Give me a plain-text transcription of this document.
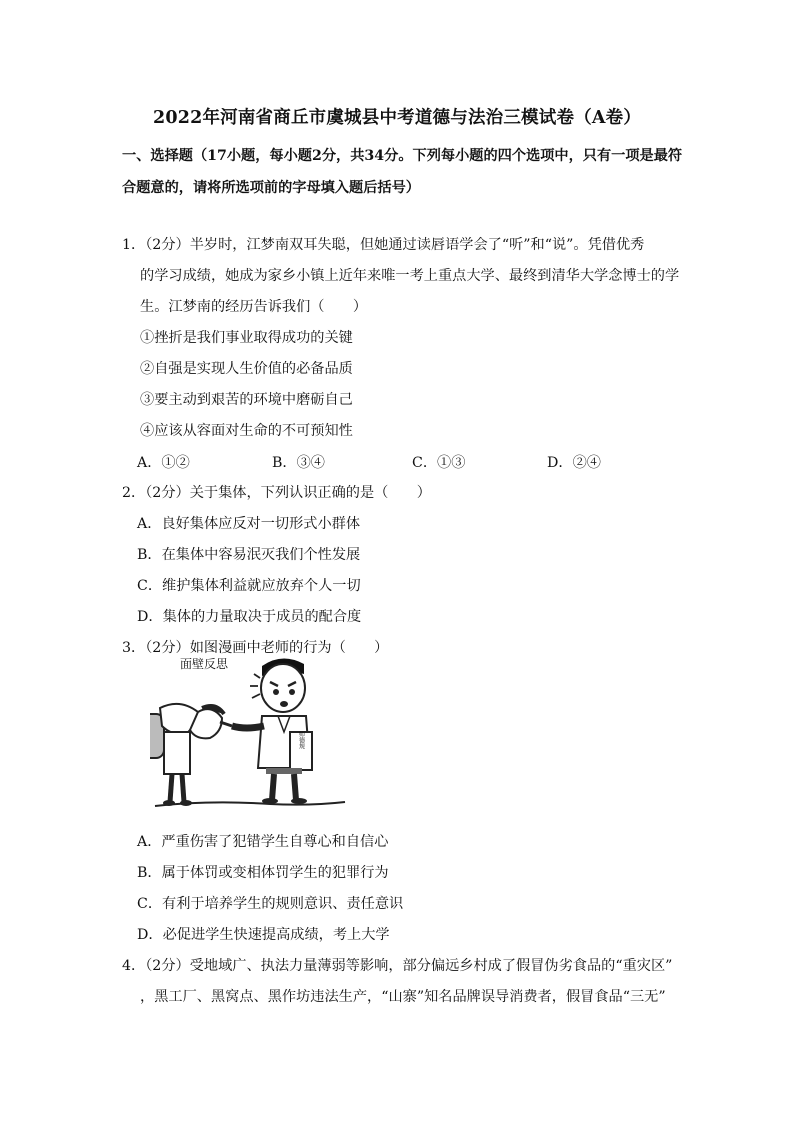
2022年河南省商丘市虞城县中考道德与法治三模试卷（A卷）
一、选择题（17小题，每小题2分，共34分。下列每小题的四个选项中，只有一项是最符
合题意的，请将所选项前的字母填入题后括号）
1．（2分）半岁时，江梦南双耳失聪，但她通过读唇语学会了“听”和“说”。凭借优秀
的学习成绩，她成为家乡小镇上近年来唯一考上重点大学、最终到清华大学念博士的学
生。江梦南的经历告诉我们（　　）
①挫折是我们事业取得成功的关键
②自强是实现人生价值的必备品质
③要主动到艰苦的环境中磨砺自己
④应该从容面对生命的不可预知性
A．①②	B．③④	C．①③	D．②④
2．（2分）关于集体，下列认识正确的是（　　）
A．良好集体应反对一切形式小群体
B．在集体中容易泯灭我们个性发展
C．维护集体利益就应放弃个人一切
D．集体的力量取决于成员的配合度
3．（2分）如图漫画中老师的行为（　　）
面壁反思
师德规
A．严重伤害了犯错学生自尊心和自信心
B．属于体罚或变相体罚学生的犯罪行为
C．有利于培养学生的规则意识、责任意识
D．必促进学生快速提高成绩，考上大学
4．（2分）受地域广、执法力量薄弱等影响，部分偏远乡村成了假冒伪劣食品的“重灾区”
，黑工厂、黑窝点、黑作坊违法生产，“山寨”知名品牌误导消费者，假冒食品“三无”
